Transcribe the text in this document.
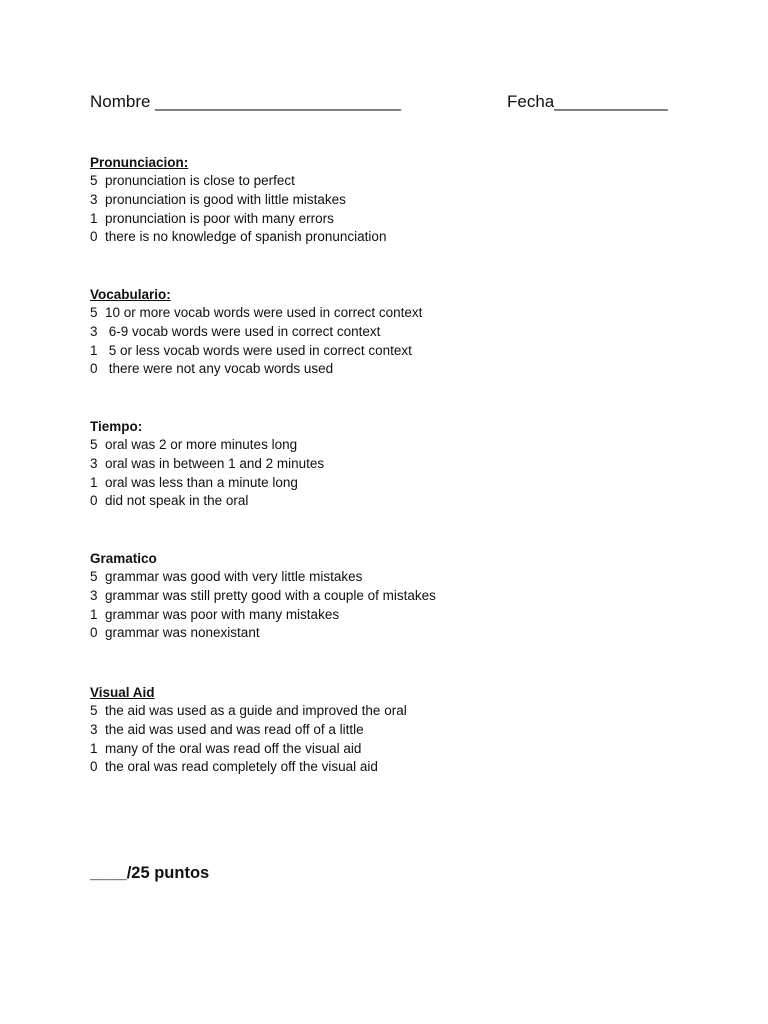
Nombre __________________________	Fecha____________
Pronunciacion:
5  pronunciation is close to perfect
3  pronunciation is good with little mistakes
1  pronunciation is poor with many errors
0  there is no knowledge of spanish pronunciation
Vocabulario:
5  10 or more vocab words were used in correct context
3   6-9 vocab words were used in correct context
1   5 or less vocab words were used in correct context
0   there were not any vocab words used
Tiempo:
5  oral was 2 or more minutes long
3  oral was in between 1 and 2 minutes
1  oral was less than a minute long
0  did not speak in the oral
Gramatico
5  grammar was good with very little mistakes
3  grammar was still pretty good with a couple of mistakes
1  grammar was poor with many mistakes
0  grammar was nonexistant
Visual Aid
5  the aid was used as a guide and improved the oral
3  the aid was used and was read off of a little
1  many of the oral was read off the visual aid
0  the oral was read completely off the visual aid
____/25 puntos
